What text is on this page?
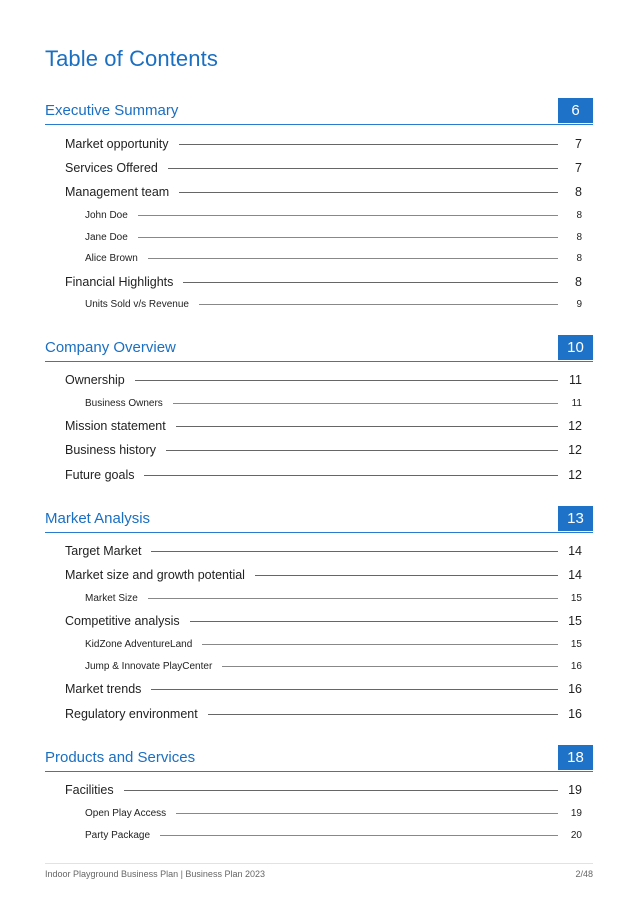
Table of Contents
Executive Summary	6
Market opportunity	7
Services Offered	7
Management team	8
John Doe	8
Jane Doe	8
Alice Brown	8
Financial Highlights	8
Units Sold v/s Revenue	9
Company Overview	10
Ownership	11
Business Owners	11
Mission statement	12
Business history	12
Future goals	12
Market Analysis	13
Target Market	14
Market size and growth potential	14
Market Size	15
Competitive analysis	15
KidZone AdventureLand	15
Jump & Innovate PlayCenter	16
Market trends	16
Regulatory environment	16
Products and Services	18
Facilities	19
Open Play Access	19
Party Package	20
Indoor Playground Business Plan | Business Plan 2023	2/48
